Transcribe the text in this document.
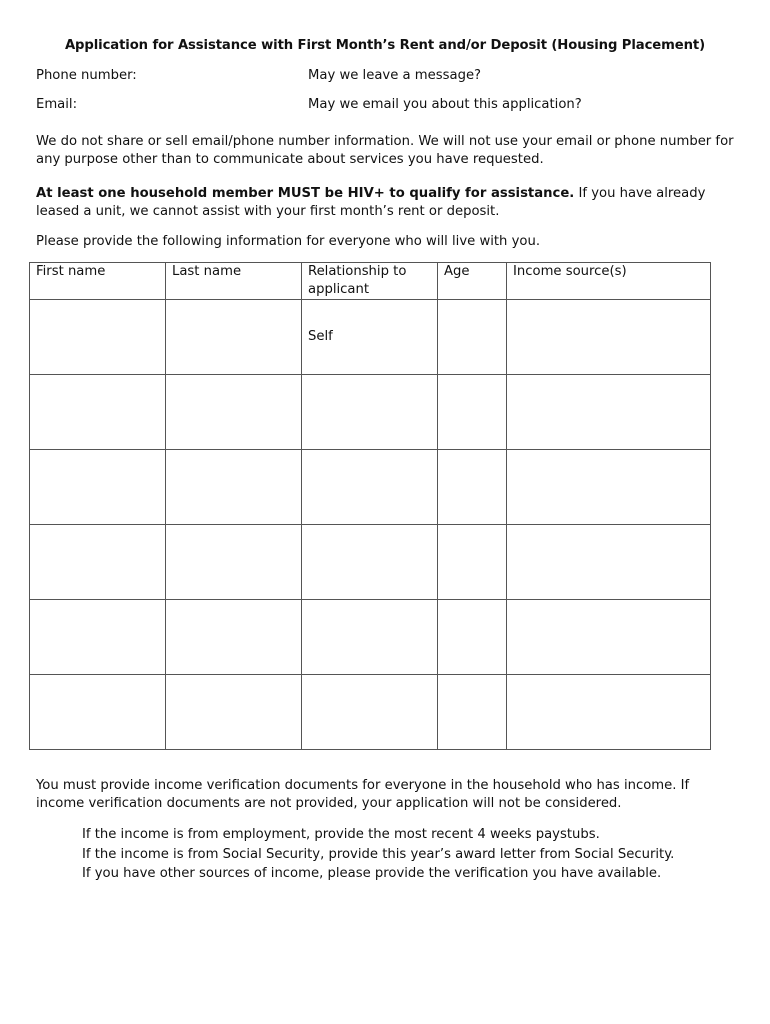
Application for Assistance with First Month’s Rent and/or Deposit (Housing Placement)
Phone number:	May we leave a message?
Email:	May we email you about this application?
We do not share or sell email/phone number information. We will not use your email or phone number for any purpose other than to communicate about services you have requested.
At least one household member MUST be HIV+ to qualify for assistance. If you have already leased a unit, we cannot assist with your first month’s rent or deposit.
Please provide the following information for everyone who will live with you.
First name	Last name	Relationship to applicant	Age	Income source(s)

		Self		

You must provide income verification documents for everyone in the household who has income. If income verification documents are not provided, your application will not be considered.
If the income is from employment, provide the most recent 4 weeks paystubs.
If the income is from Social Security, provide this year’s award letter from Social Security.
If you have other sources of income, please provide the verification you have available.
